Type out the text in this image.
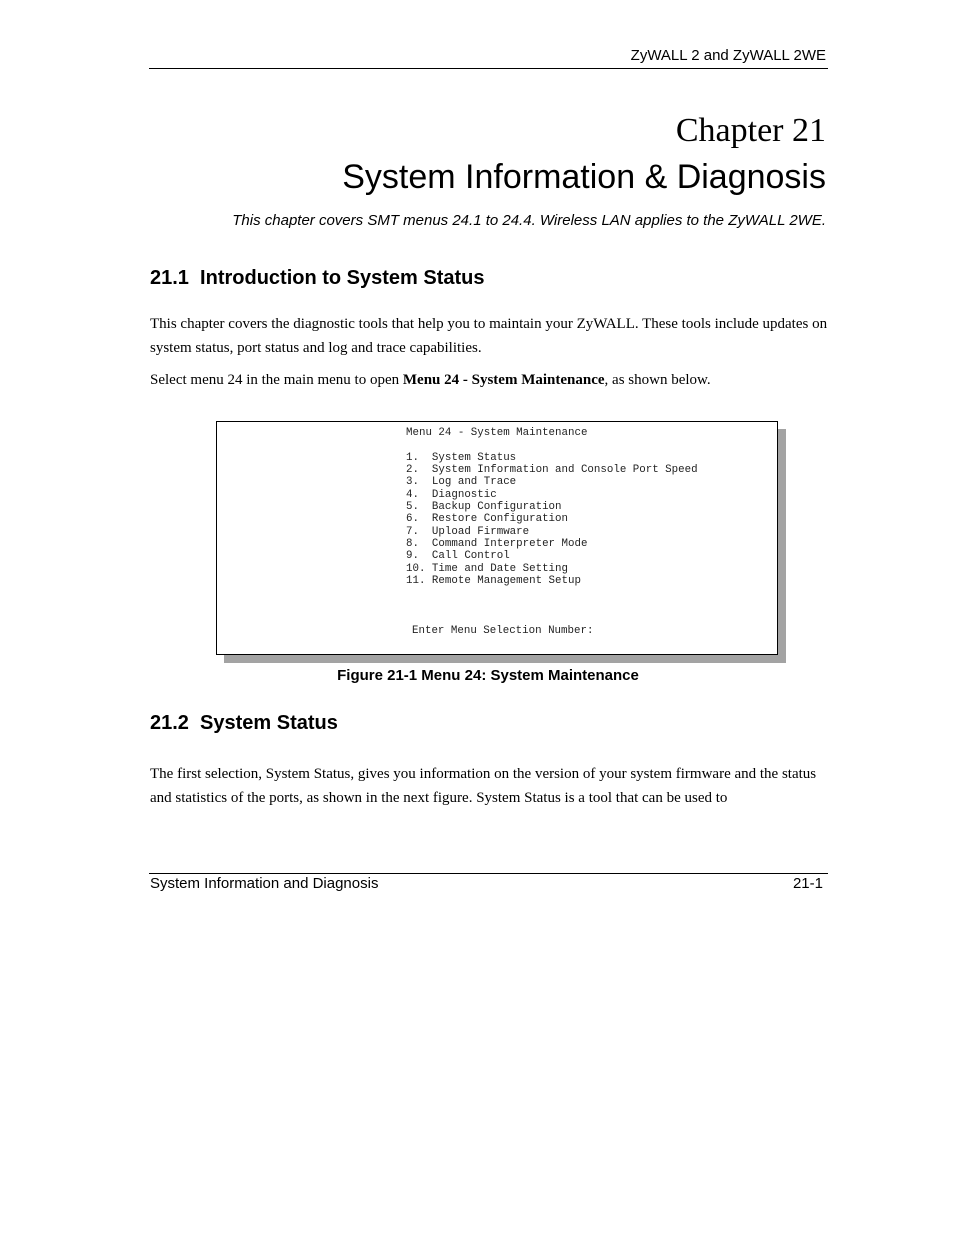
ZyWALL 2 and ZyWALL 2WE
Chapter 21
System Information & Diagnosis
This chapter covers SMT menus 24.1 to 24.4. Wireless LAN applies to the ZyWALL 2WE.
21.1  Introduction to System Status
This chapter covers the diagnostic tools that help you to maintain your ZyWALL. These tools include updates on system status, port status and log and trace capabilities.
Select menu 24 in the main menu to open Menu 24 - System Maintenance, as shown below.
Menu 24 - System Maintenance

1.  System Status
2.  System Information and Console Port Speed
3.  Log and Trace
4.  Diagnostic
5.  Backup Configuration
6.  Restore Configuration
7.  Upload Firmware
8.  Command Interpreter Mode
9.  Call Control
10. Time and Date Setting
11. Remote Management Setup
Enter Menu Selection Number:
Figure 21-1 Menu 24: System Maintenance
21.2  System Status
The first selection, System Status, gives you information on the version of your system firmware and the status and statistics of the ports, as shown in the next figure. System Status is a tool that can be used to
System Information and Diagnosis	21-1
